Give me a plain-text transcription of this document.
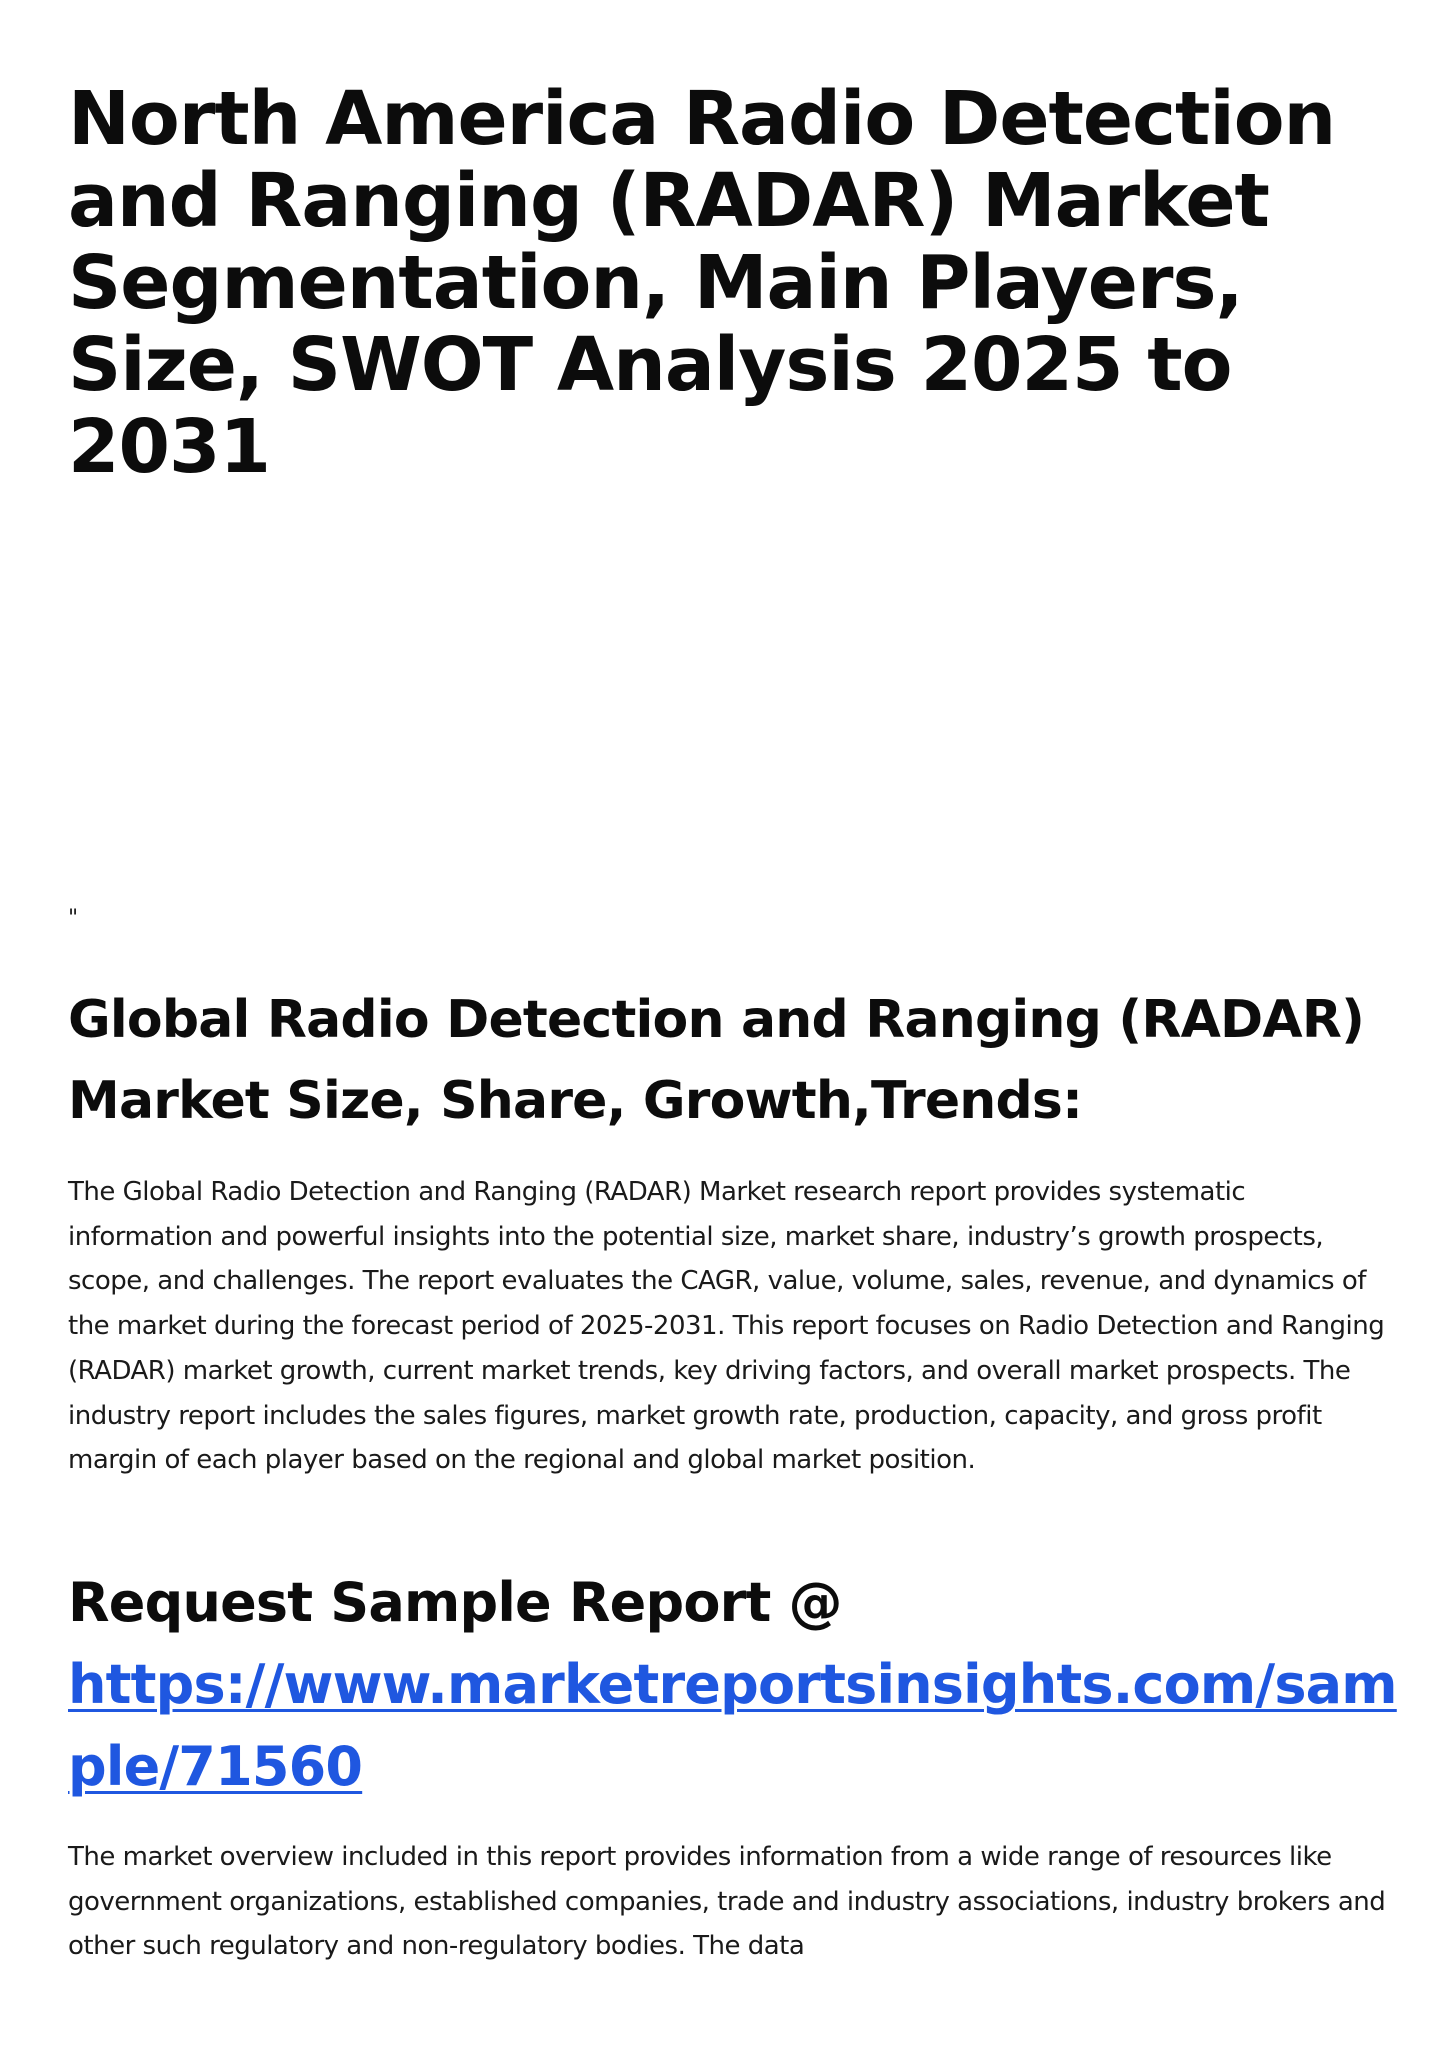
North America Radio Detection and Ranging (RADAR) Market Segmentation, Main Players, Size, SWOT Analysis 2025 to 2031

"

Global Radio Detection and Ranging (RADAR) Market Size, Share, Growth,Trends:

The Global Radio Detection and Ranging (RADAR) Market research report provides systematic information and powerful insights into the potential size, market share, industry’s growth prospects, scope, and challenges. The report evaluates the CAGR, value, volume, sales, revenue, and dynamics of the market during the forecast period of 2025-2031. This report focuses on Radio Detection and Ranging (RADAR) market growth, current market trends, key driving factors, and overall market prospects. The industry report includes the sales figures, market growth rate, production, capacity, and gross profit margin of each player based on the regional and global market position.

Request Sample Report @
https://www.marketreportsinsights.com/sample/71560

The market overview included in this report provides information from a wide range of resources like government organizations, established companies, trade and industry associations, industry brokers and other such regulatory and non-regulatory bodies. The data
